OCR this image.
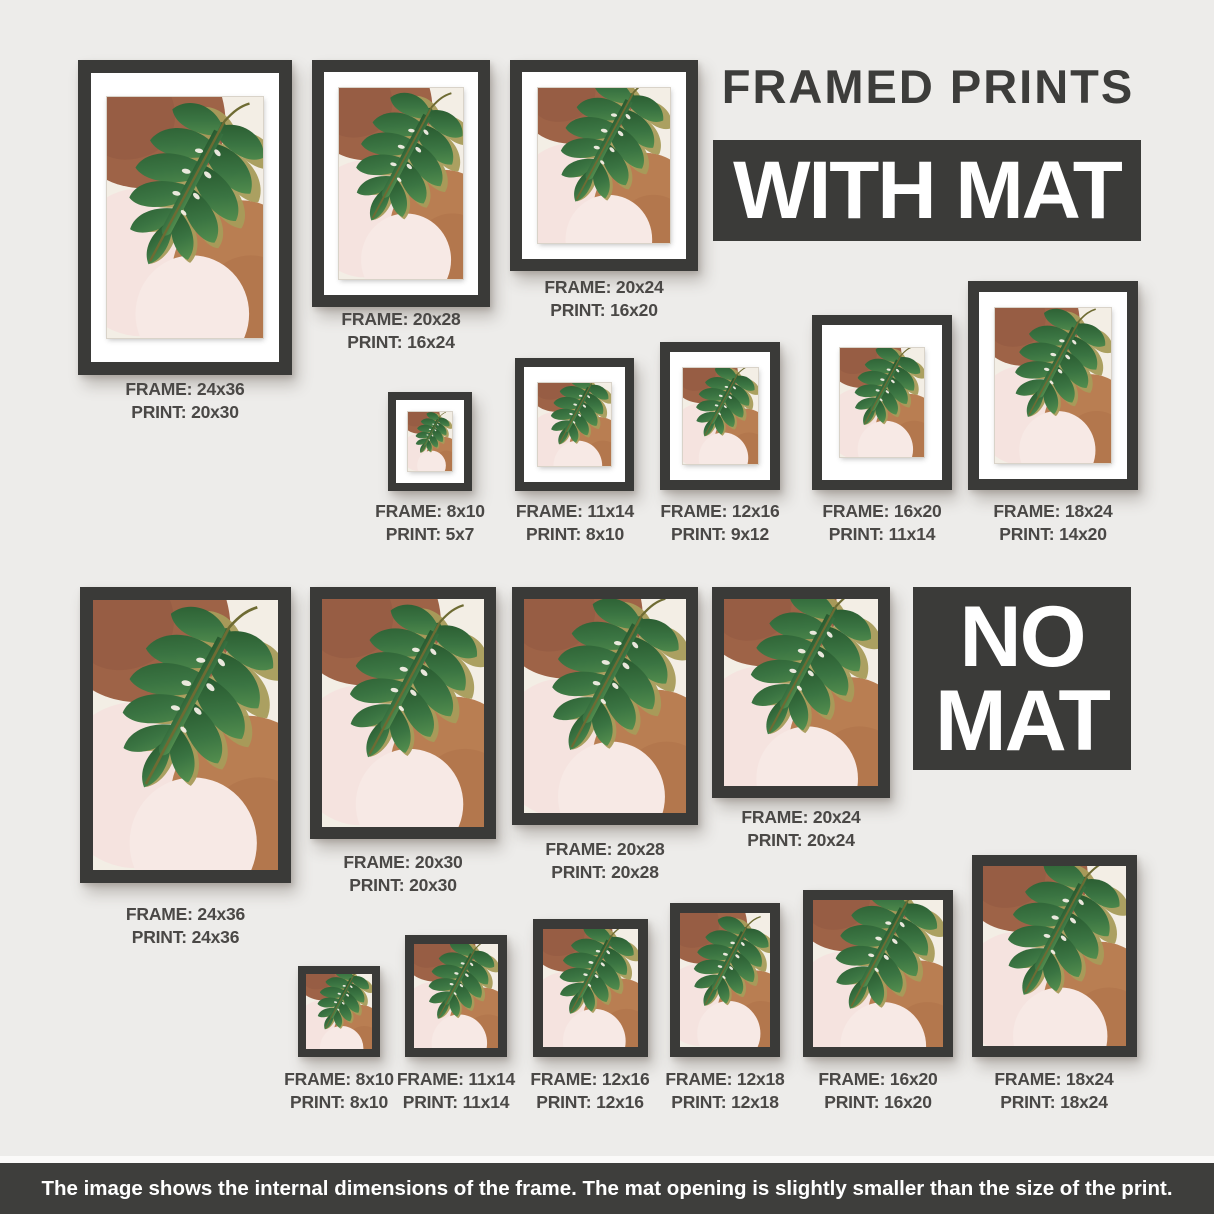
FRAMED PRINTS
WITH MAT
FRAME: 24x36
PRINT: 20x30
FRAME: 20x28
PRINT: 16x24
FRAME: 20x24
PRINT: 16x20
FRAME: 8x10
PRINT: 5x7
FRAME: 11x14
PRINT: 8x10
FRAME: 12x16
PRINT: 9x12
FRAME: 16x20
PRINT: 11x14
FRAME: 18x24
PRINT: 14x20
NO
MAT
FRAME: 24x36
PRINT: 24x36
FRAME: 20x30
PRINT: 20x30
FRAME: 20x28
PRINT: 20x28
FRAME: 20x24
PRINT: 20x24
FRAME: 8x10
PRINT: 8x10
FRAME: 11x14
PRINT: 11x14
FRAME: 12x16
PRINT: 12x16
FRAME: 12x18
PRINT: 12x18
FRAME: 16x20
PRINT: 16x20
FRAME: 18x24
PRINT: 18x24
The image shows the internal dimensions of the frame. The mat opening is slightly smaller than the size of the print.
